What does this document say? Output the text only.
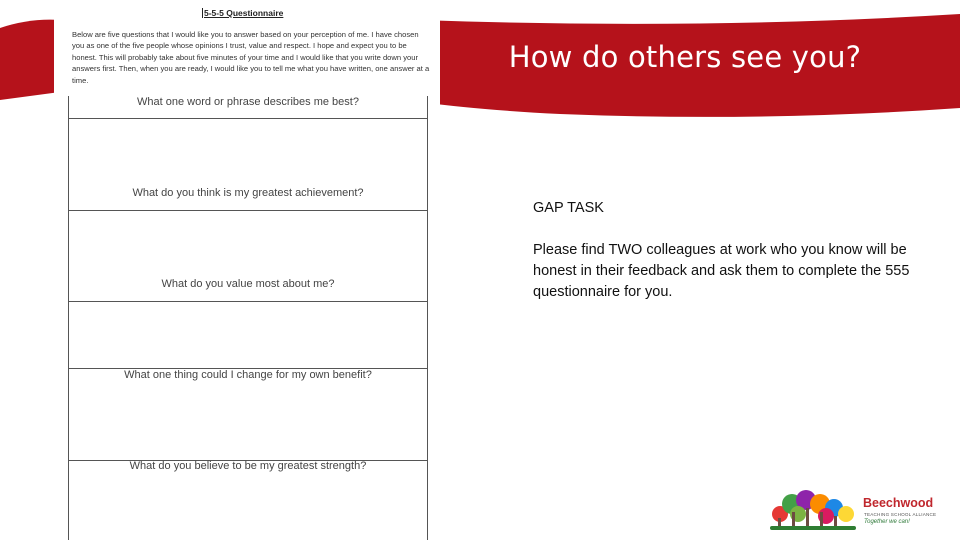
How do others see you?
5-5-5 Questionnaire
Below are five questions that I would like you to answer based on your perception of me. I have chosen you as one of the five people whose opinions I trust, value and respect. I hope and expect you to be honest. This will probably take about five minutes of your time and I would like that you write down your answers first. Then, when you are ready, I would like you to tell me what you have written, one answer at a time.
What one word or phrase describes me best?
What do you think is my greatest achievement?
What do you value most about me?
What one thing could I change for my own benefit?
What do you believe to be my greatest strength?
GAP TASK
Please find TWO colleagues at work who you know will be honest in their feedback and ask them to complete the 555 questionnaire for you.
Beechwood
TEACHING SCHOOL ALLIANCE
Together we can!
